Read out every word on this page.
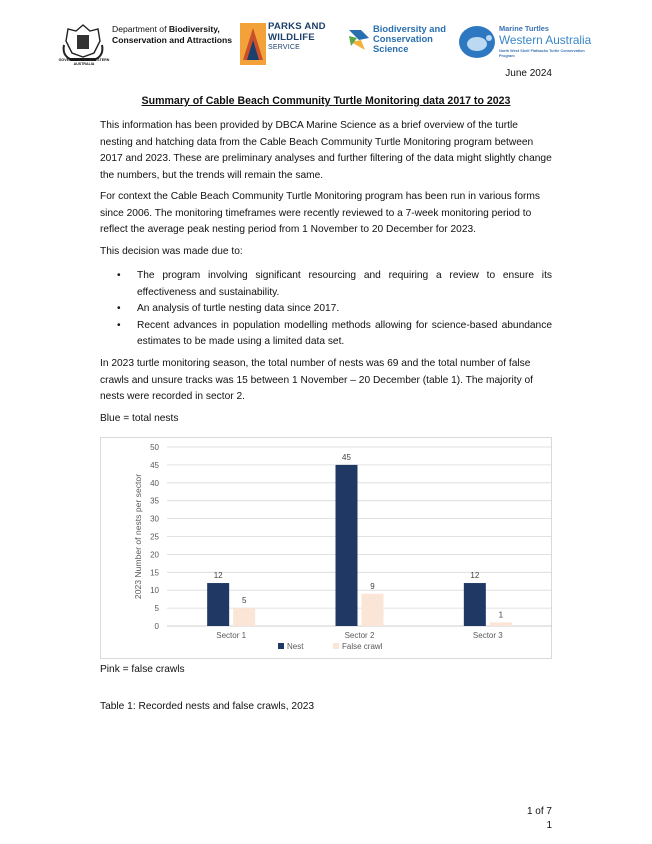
GOVERNMENT OF WESTERN AUSTRALIA
Department of Biodiversity,
Conservation and Attractions
PARKS AND
WILDLIFE
SERVICE
Biodiversity and
Conservation
Science
Marine Turtles
Western Australia
North West Shelf Flatbacks Turtle Conservation Program
June 2024
Summary of Cable Beach Community Turtle Monitoring data 2017 to 2023
This information has been provided by DBCA Marine Science as a brief overview of the turtle nesting and hatching data from the Cable Beach Community Turtle Monitoring program between 2017 and 2023. These are preliminary analyses and further filtering of the data might slightly change the numbers, but the trends will remain the same.
For context the Cable Beach Community Turtle Monitoring program has been run in various forms since 2006. The monitoring timeframes were recently reviewed to a 7-week monitoring period to reflect the average peak nesting period from 1 November to 20 December for 2023.
This decision was made due to:
• The program involving significant resourcing and requiring a review to ensure its effectiveness and sustainability.
• An analysis of turtle nesting data since 2017.
• Recent advances in population modelling methods allowing for science-based abundance estimates to be made using a limited data set.
In 2023 turtle monitoring season, the total number of nests was 69 and the total number of false crawls and unsure tracks was 15 between 1 November – 20 December (table 1). The majority of nests were recorded in sector 2.
Blue = total nests
0
5
10
15
20
25
30
35
40
45
50
2023 Number of nests per sector	12
5
Sector 1
45
9
Sector 2
12
1
Sector 3
Nest	False crawl
Pink = false crawls
Table 1: Recorded nests and false crawls, 2023
1 of 7
1
